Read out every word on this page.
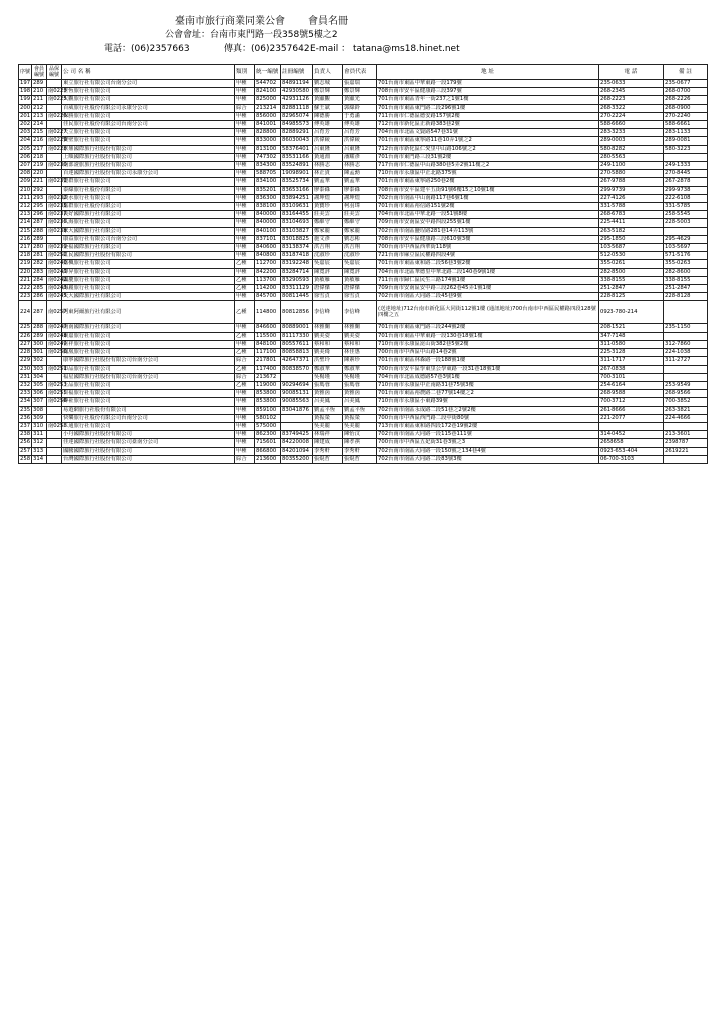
臺南市旅行商業同業公會 會員名冊
公會會址：台南市東門路一段358號5樓之2
電話：(06)2357663	傳真：(06)2357642 E-mail ： tatana@ms18.hinet.net
序號	會員編號	品保編號	公 司 名 稱	類別	統一編號	註冊編號	負責人	會員代表	地 址	電 話	備 註
197	289		東立旅行社有限公司台南分公司	甲種	544702	84891194	劉志城	張嘉瑞	701台南市東區中華東路一段179號	235-0633	235-0677
198	210	南0223	世恆旅行社有限公司	甲種	824100	42930580	鄭景輝	鄭景輝	708台南市安平區健康路三段397號	268-2345	268-0700
199	211	南0225	大觀旅行社有限公司	甲種	825000	42931126	黃顯觀	黃顯光	701台南市東區青年一街237之1號1樓	268-2223	268-2226
200	212		百威旅行社股份有限公司永康分公司	綜合	213214	82881118	蘇王斌	郭綠鈴	701台南市東區東門路二段296號1樓	268-3322	268-0900
201	213	南0226	保勝旅行社有限公司	甲種	856000	82965074	陳德勝	于勇滿	711台南市仁德區德安路157號2樓	270-2224	270-2240
202	214		佳民旅行社股份有限公司台南分公司	甲種	841001	84985573	傅英雄	傅英雄	712台南市新化區正新路383巷2號	588-6660	588-6661
203	215	南0227	天立旅行社有限公司	甲種	828800	82889291	呂育芳	呂育芳	704台南市北區文賢路547巷31號	283-3233	283-1133
204	216	南0229	寶壁旅行社有限公司	甲種	833000	86030043	洪偉綾	洪偉綾	701台南市東區東寧路11巷10弄1號之2	289-0003	289-0081
205	217	南0228	京鼎國際旅行社股份有限公司	甲種	813100	58376401	呂東隆	呂東隆	712台南市新化區仁愛里中山路106號之2	580-8282	580-3223
206	218		上順國際旅行社股份有限公司	甲種	747302	83531166	黃通淵	潘耀彥	701台南市東門路三段31號2樓	280-5563	
207	219	南0230	南部證旅旅行社股份有限公司	甲種	834300	83524891	林勝志	林勝志	717台南市仁德區中山路380巷5弄2號11樓之2	249-1100	249-1333
208	220		百達國際旅行社股份有限公司永康分公司	甲種	588705	19098901	林正貴	陳孟勳	710台南市永康區中正北路375號	270-5880	270-8445
209	221	南0231	豐群旅行社有限公司	甲種	834100	83525734	劉孟華	劉孟華	701台南市東區東寧路250巷2樓	267-9788	267-2878
210	292		泰綠旅行社股份有限公司	甲種	835201	83653166	廖泰綠	廖泰綠	708台南市安平區建平五街91號6樓15之10號1樓	299-9739	299-9738
211	293	南0232	淡水旅行社有限公司	甲種	836300	83894251	謝坤煌	謝坤煌	702台南市南區中山南路117巷6號1樓	227-4126	222-6108
212	295	南0235	嘉群旅行社股份有限公司	甲種	838100	83109631	黃寶珍	柯羽瑋	701台南市東區裕信路151號2樓	331-5788	331-5785
213	296	南0237	良好國際旅行社有限公司	甲種	840000	83164455	莊美雲	莊美雲	704台南市北區中華北路一段51號8樓	268-6783	258-5545
214	287	南0236	久海旅行社有限公司	甲種	840000	83104693	鄭維守	鄭維守	709台南市安南區安中路四段255號1樓	225-4411	228-5003
215	288	南0238	家大國際旅行社有限公司	甲種	840100	83103827	鄭家麗	鄭家麗	702台南市南區鹽埕路281巷14弄113號	263-5182	
216	289		康益旅行社有限公司台南分公司	甲種	837101	83018825	施文彥	劉志彬	708台南市安平區健康路三段610號3樓	295-1850	295-4629
217	280	南0239	金福國際旅行社有限公司	甲種	840600	83138374	洪吉翔	洪吉翔	700台南市中西區西華街118號	103-5687	103-5697
218	281	南0252	紅民國際旅行社股份有限公司	甲種	840800	83187418	沈淑珍	沈淑珍	721台南市麻豆區民權路四段4號	512-0530	571-5176
219	282	南0240	嘉楓旅行社有限公司	乙種	112700	83192248	吳嘉宸	吳嘉宸	701台南市東區東和路二段56巷3號2樓	355-0261	355-0263
220	283	南0241	澤昇旅行社有限公司	甲種	842200	83284714	陳寬評	陳寬評	704台南市北區華德里中華北路二段140巷9號1樓	282-8500	282-8600
221	284	南0242	國慶旅行社有限公司	乙種	113700	83290593	黃敏雁	黃敏雁	711台南市歸仁區民生三路174號1樓	338-8155	338-8155
222	285	南0243	海麗旅行社有限公司	乙種	114200	83311129	唐偉傑	唐偉傑	709台南市安南區安中路三段262巷45弄1號1樓	251-2847	251-2847
223	286	南0245	天大國際旅行社有限公司	甲種	845700	80811445	徐雪貞	徐雪貞	702台南市南區大同路二段45巷9號	228-8125	228-8128
224	287	南0257	阿東阿爾旅行社有限公司	乙種	114800	80812856	李信峰	李信峰	(送達地址)712台南市新化區大同街112號1樓 (通訊地址)700台南市中西區民權路四段128號四樓之五	0923-780-214	
225	288	南0247	南南國際旅行社有限公司	甲種	846600	80889001	林雅蘭	林雅蘭	701台南市東區東門路三段244號2樓	208-1521	235-1150
226	289	南0248	東嘉旅行社有限公司	乙種	115500	81117330	劉美姿	劉美姿	701台南市東區中華東路一段130巷18號1樓	347-7148	
227	300	南0249	吉祥旅行社有限公司	甲種	848100	80557611	蔡和和	蔡和和	710台南市永康區崑山街382巷5號2樓	311-0580	312-7860
228	301	南0250	鳳凰旅行社有限公司	乙種	117100	80858813	劉美綺	林佳惠	700台南市中西區中山路14巷2號	225-3128	224-1038
229	302		康寧國際旅行社股份有限公司台南分公司	綜合	217801	42647371	洪聖玲	陳素珍	701台南市東區林森路一段188號1樓	311-1717	311-2727
230	303	南0251	市品旅行社有限公司	乙種	117400	80838570	鄭淑華	鄭淑華	700台南市安平區學東里公學東路一段31巷18號1樓	267-0838	
231	304		福星國際旅行社股份有限公司台南分公司	綜合	213672		吳楊瑾	吳楊瑾	704台南市北區成德路57巷3號1樓	700-3101	
232	305	南0253	上品旅行社有限公司	乙種	119000	90294694	張瑪蓉	張瑪蓉	710台南市永康區中正南路31巷75號3樓	254-6164	253-9549
233	306	南0255	日福旅行社有限公司	甲種	853800	90085131	黃雅茵	黃雅茵	701台南市東區裕農路二巷77號14樓之2	268-9588	268-9566
234	307	南0256	紳祉旅行社有限公司	甲種	853800	90085563	呂美鳳	呂美鳳	710台南市永康區小東路39號	700-3712	700-3852
235	308		易遊網旅行社股份有限公司	甲種	859100	83041876	劉孟平恆	劉孟平恆	702台南市南區永成路二段51巷之2號2樓	261-8666	263-3821
236	309		快樂旅行社股份有限公司台南分公司	甲種	580102		黃振榮	黃振榮	700台南市中西區西門路二段中街80號	221-2077	224-4666
237	310	南0258	三通旅行社有限公司	甲種	575000		吳美麗	吳美麗	713台南市東區東和路四段172巷19號2樓		
238	311		小丹國際旅行社股份有限公司	甲種	862300	83749425	林瑞祥	陳怡汶	702台南市南區大同路一段115巷111號	314-0452	213-3601
256	312		佳達國際旅行社股份有限公司臺南分公司	甲種	715601	84220008	陳建成	陳孝祺	700台南市中西區五妃街31巷3號之3	2658658	2398787
257	313		國騰國際旅行社股份有限公司	甲種	866800	84201094	李秀軒	李秀軒	702台南市南區大同路一段150號之134巷4號	0923-653-404	2619221
258	314		台灣國際旅行社股份有限公司	綜合	213600	80355200	張焜哲	張焜哲	702台南市南區大同路二段83號3樓	06-700-3103	
